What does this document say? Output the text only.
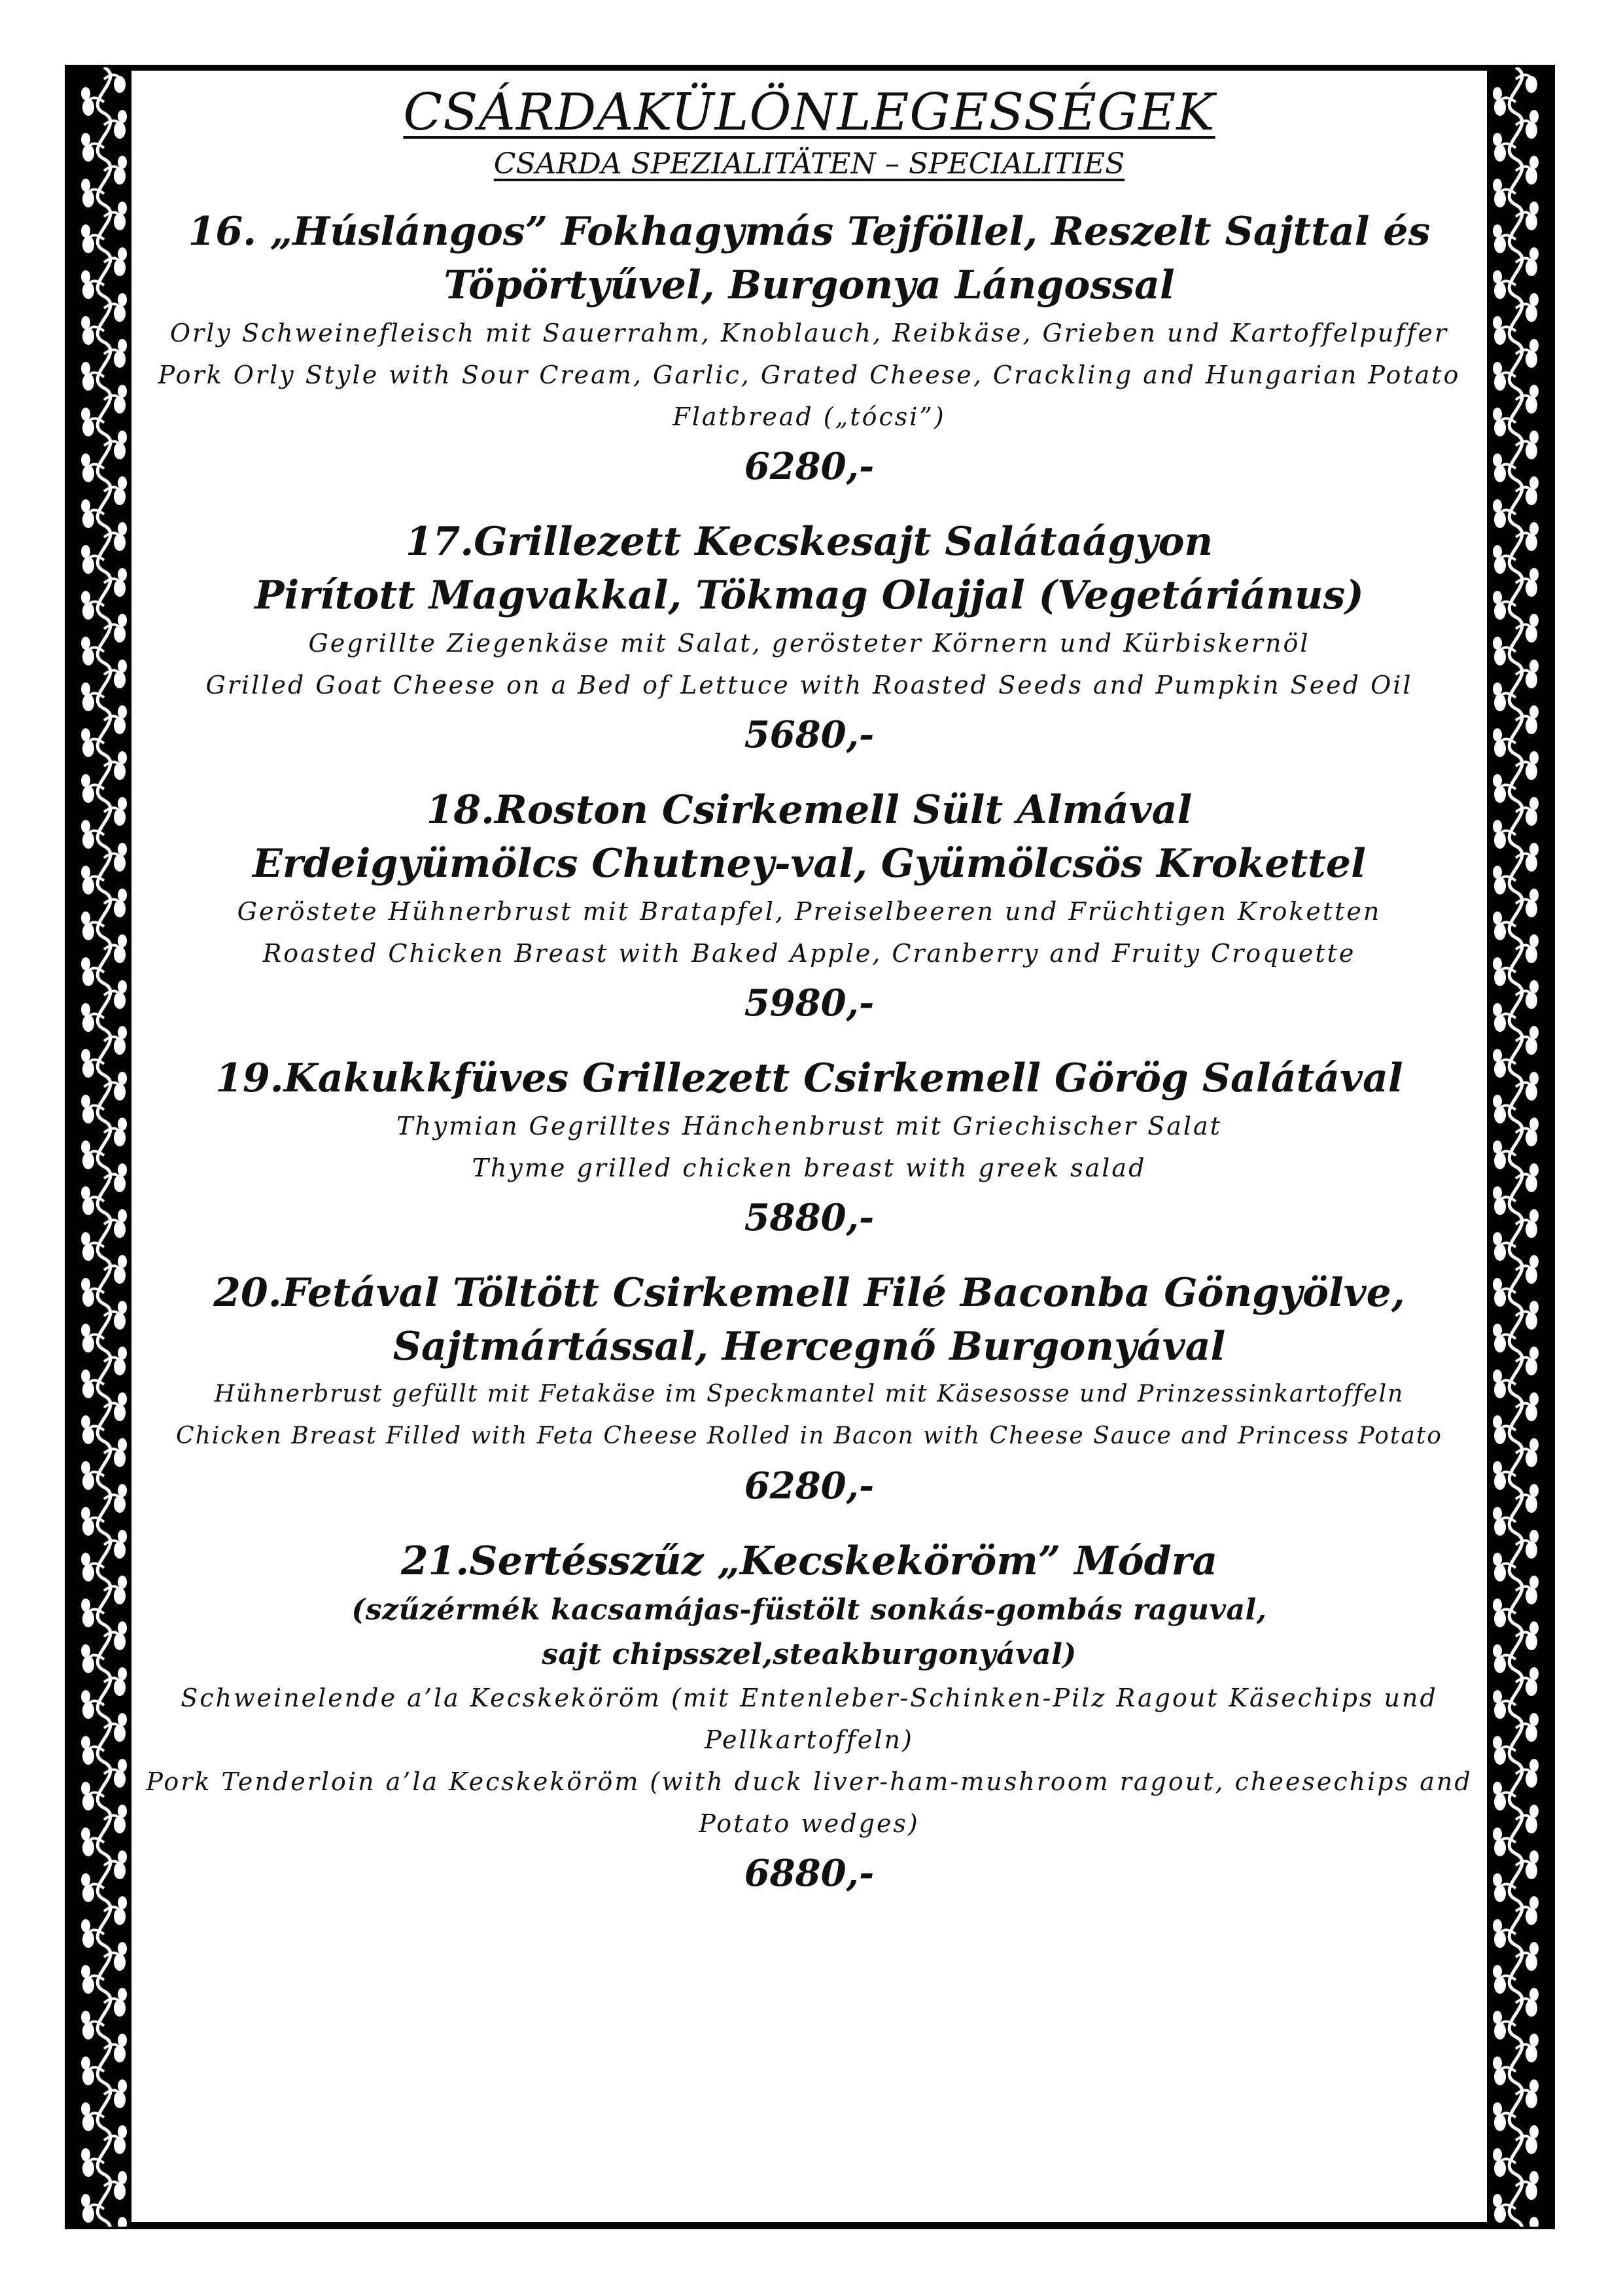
CSÁRDAKÜLÖNLEGESSÉGEK
CSARDA SPEZIALITÄTEN – SPECIALITIES

16. „Húslángos” Fokhagymás Tejföllel, Reszelt Sajttal és

Töpörtyűvel, Burgonya Lángossal

Orly Schweinefleisch mit Sauerrahm, Knoblauch, Reibkäse, Grieben und Kartoffelpuffer

Pork Orly Style with Sour Cream, Garlic, Grated Cheese, Crackling and Hungarian Potato

Flatbread („tócsi”)

6280,-

17.Grillezett Kecskesajt Salátaágyon

Pirított Magvakkal, Tökmag Olajjal (Vegetáriánus)

Gegrillte Ziegenkäse mit Salat, gerösteter Körnern und Kürbiskernöl

Grilled Goat Cheese on a Bed of Lettuce with Roasted Seeds and Pumpkin Seed Oil

5680,-

18.Roston Csirkemell Sült Almával

Erdeigyümölcs Chutney-val, Gyümölcsös Krokettel

Geröstete Hühnerbrust mit Bratapfel, Preiselbeeren und Früchtigen Kroketten

Roasted Chicken Breast with Baked Apple, Cranberry and Fruity Croquette

5980,-

19.Kakukkfüves Grillezett Csirkemell Görög Salátával

Thymian Gegrilltes Hänchenbrust mit Griechischer Salat

Thyme grilled chicken breast with greek salad

5880,-

20.Fetával Töltött Csirkemell Filé Baconba Göngyölve,

Sajtmártással, Hercegnő Burgonyával

Hühnerbrust gefüllt mit Fetakäse im Speckmantel mit Käsesosse und Prinzessinkartoffeln

Chicken Breast Filled with Feta Cheese Rolled in Bacon with Cheese Sauce and Princess Potato

6280,-

21.Sertésszűz „Kecskeköröm” Módra

(szűzérmék kacsamájas-füstölt sonkás-gombás raguval,

sajt chipsszel,steakburgonyával)

Schweinelende a’la Kecskeköröm (mit Entenleber-Schinken-Pilz Ragout Käsechips und

Pellkartoffeln)

Pork Tenderloin a’la Kecskeköröm (with duck liver-ham-mushroom ragout, cheesechips and

Potato wedges)

6880,-
